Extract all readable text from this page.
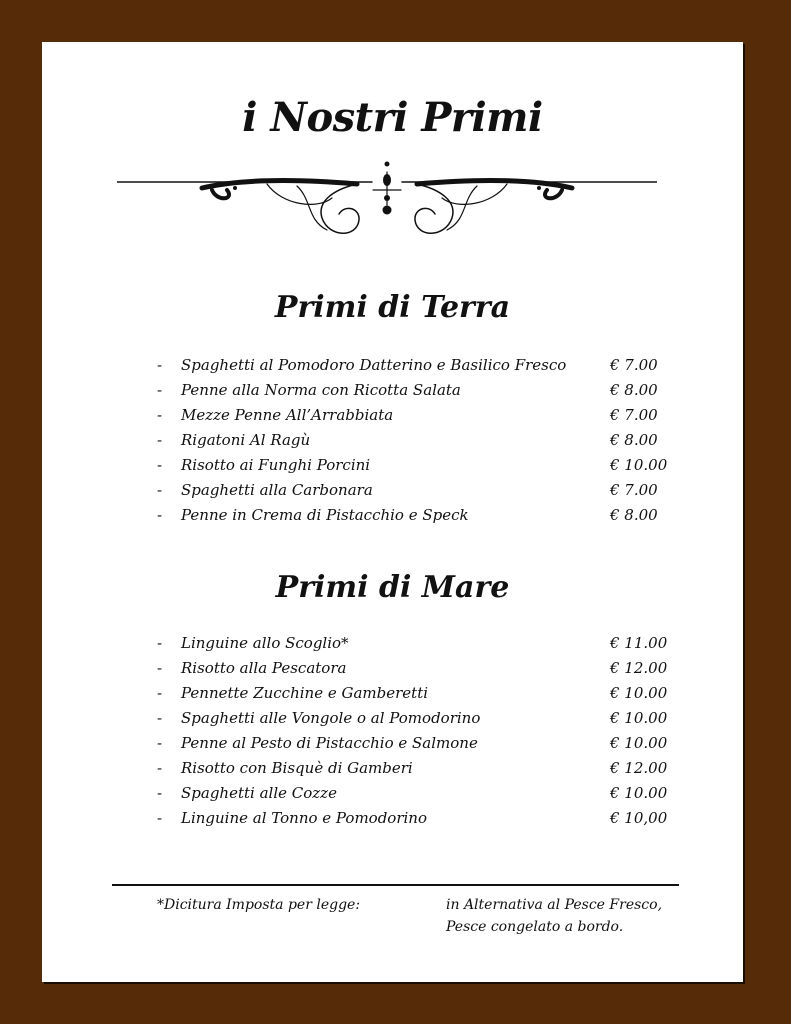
i Nostri Primi
Primi di Terra
- Spaghetti al Pomodoro Datterino e Basilico Fresco	€ 7.00
- Penne alla Norma con Ricotta Salata	€ 8.00
- Mezze Penne All’Arrabbiata	€ 7.00
- Rigatoni Al Ragù	€ 8.00
- Risotto ai Funghi Porcini	€ 10.00
- Spaghetti alla Carbonara	€ 7.00
- Penne in Crema di Pistacchio e Speck	€ 8.00
Primi di Mare
- Linguine allo Scoglio*	€ 11.00
- Risotto alla Pescatora	€ 12.00
- Pennette Zucchine e Gamberetti	€ 10.00
- Spaghetti alle Vongole o al Pomodorino	€ 10.00
- Penne al Pesto di Pistacchio e Salmone	€ 10.00
- Risotto con Bisquè di Gamberi	€ 12.00
- Spaghetti alle Cozze	€ 10.00
- Linguine al Tonno e Pomodorino	€ 10,00
*Dicitura Imposta per legge:	in Alternativa al Pesce Fresco,
Pesce congelato a bordo.
